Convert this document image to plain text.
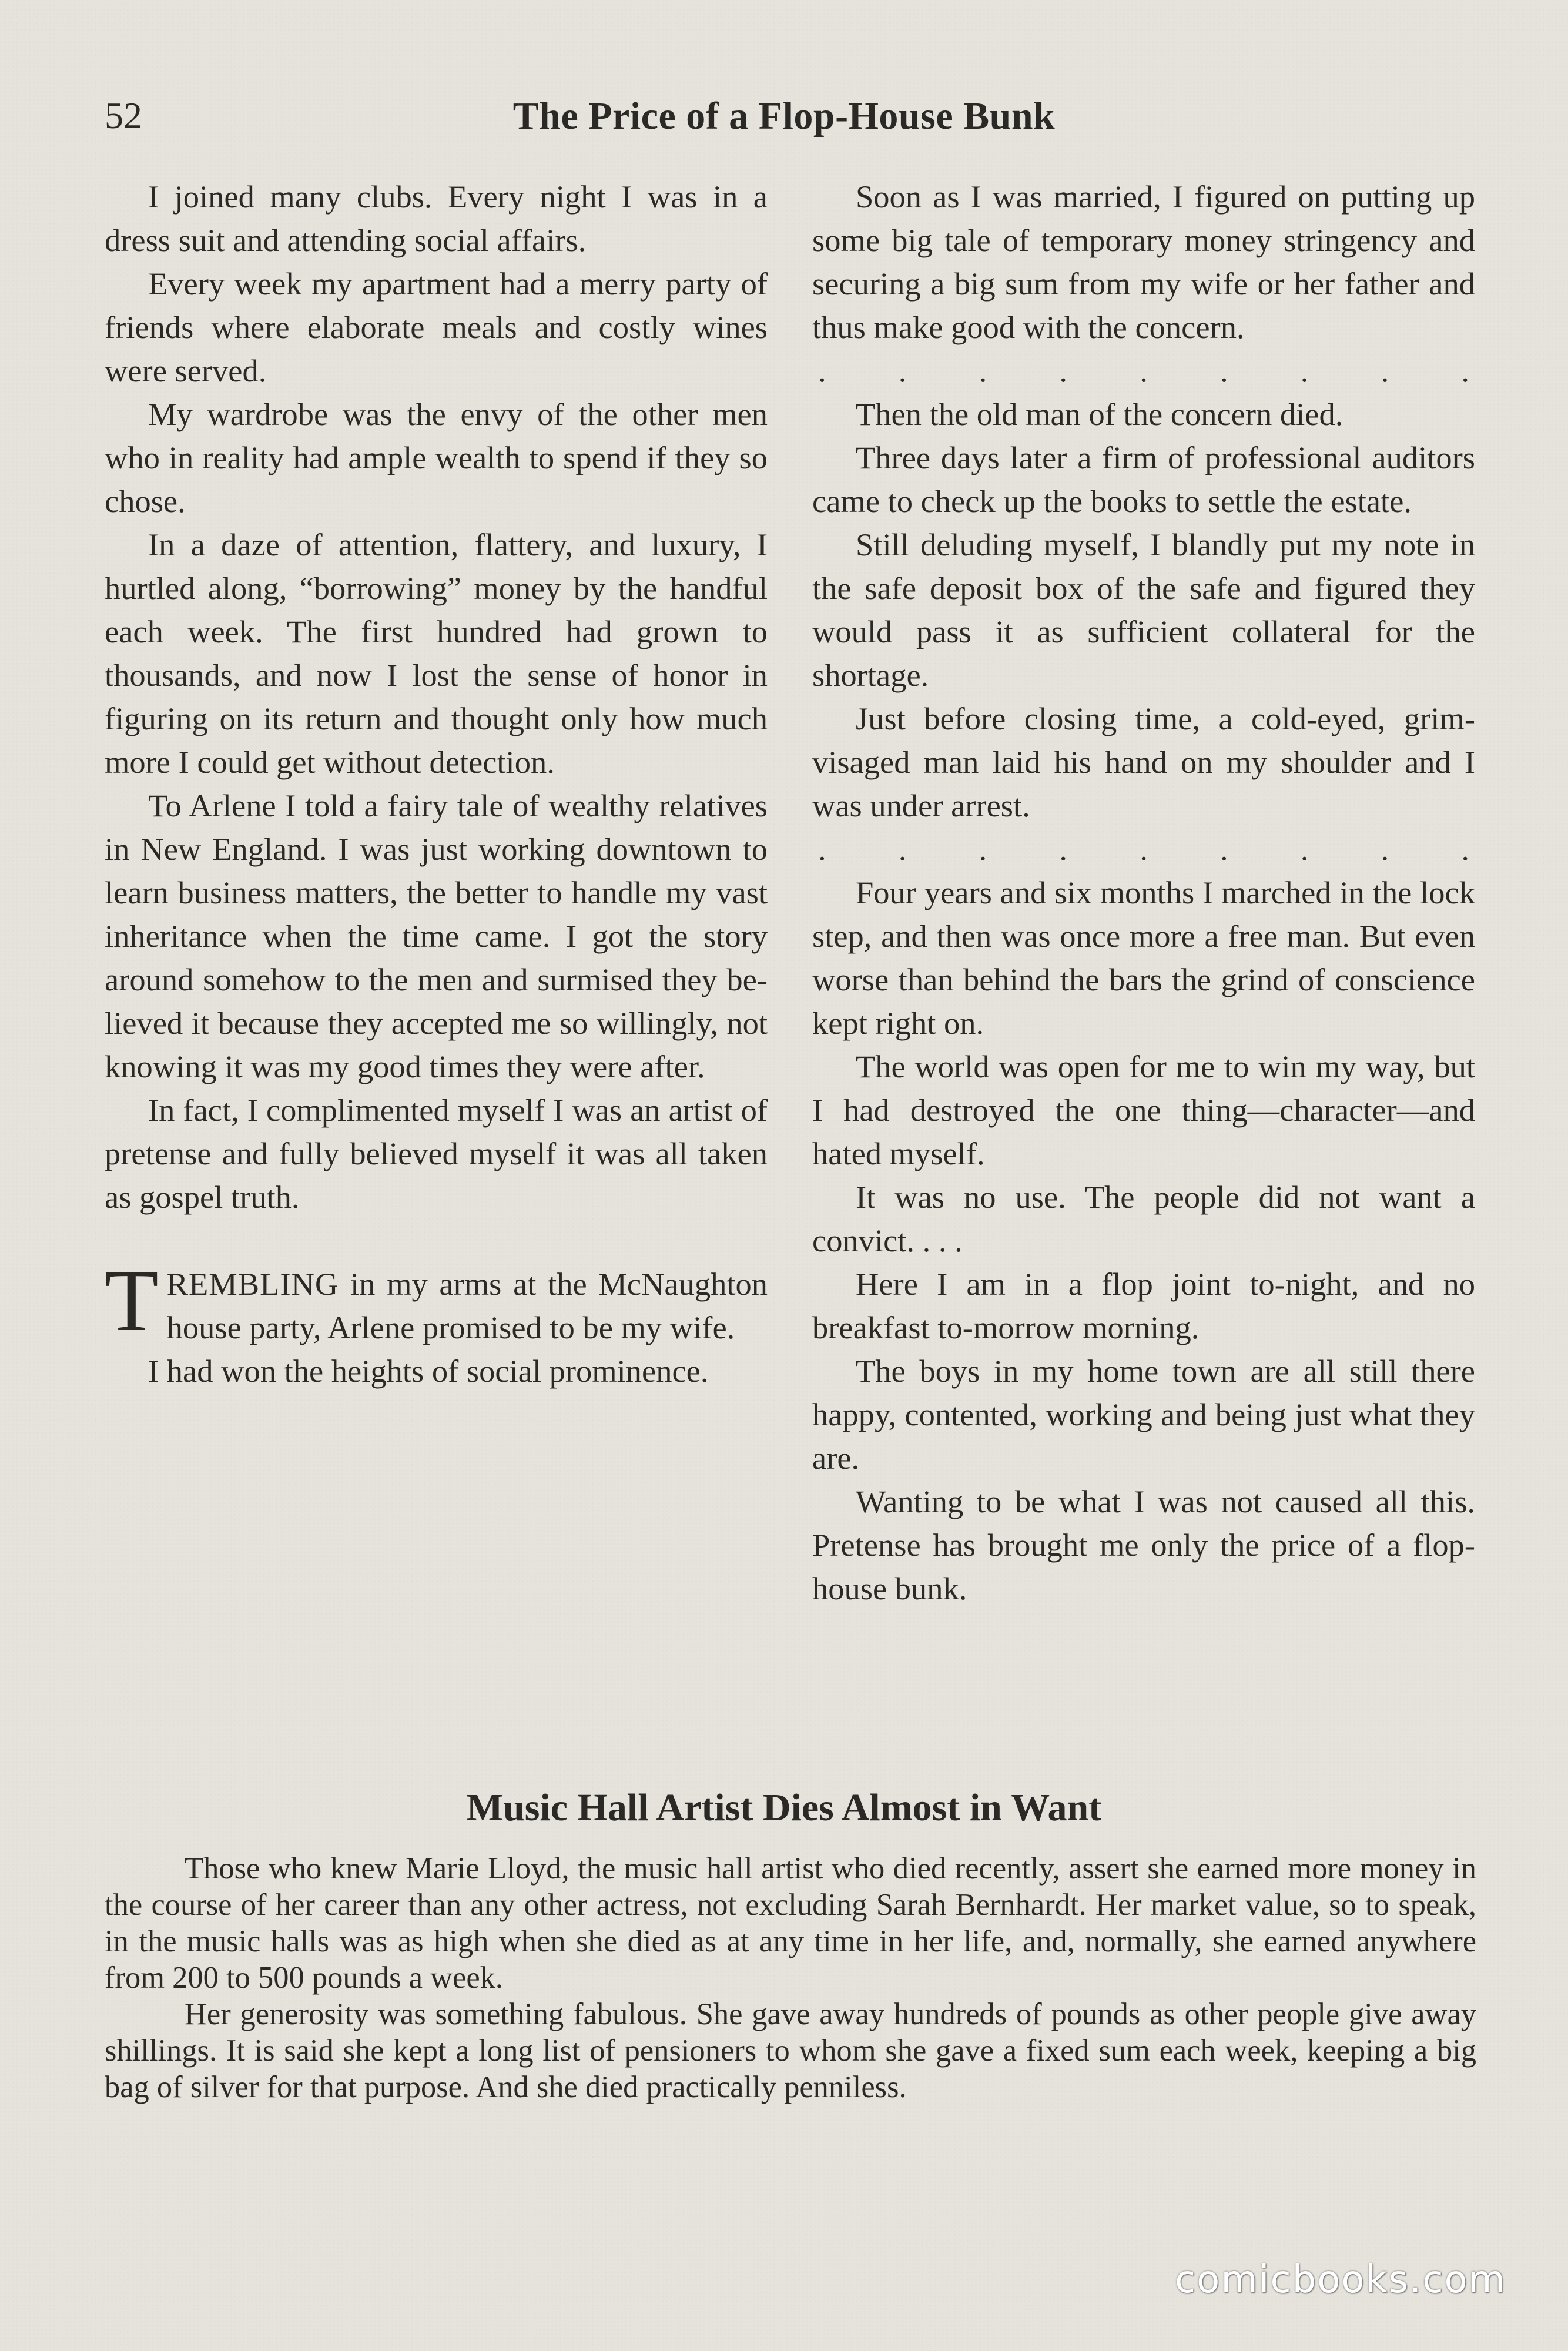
52	The Price of a Flop-House Bunk

I joined many clubs. Every night I was in a dress suit and attending social affairs.

Every week my apartment had a merry party of friends where elaborate meals and costly wines were served.

My wardrobe was the envy of the other men who in reality had ample wealth to spend if they so chose.

In a daze of attention, flattery, and luxury, I hurtled along, “borrowing” money by the handful each week. The first hundred had grown to thousands, and now I lost the sense of honor in figuring on its return and thought only how much more I could get without detection.

To Arlene I told a fairy tale of wealthy relatives in New England. I was just working downtown to learn business matters, the better to handle my vast inheritance when the time came. I got the story around somehow to the men and surmised they believed it because they accepted me so willingly, not knowing it was my good times they were after.

In fact, I complimented myself I was an artist of pretense and fully believed myself it was all taken as gospel truth.

TREMBLING in my arms at the McNaughton house party, Arlene promised to be my wife.

I had won the heights of social prominence.

Soon as I was married, I figured on putting up some big tale of temporary money stringency and securing a big sum from my wife or her father and thus make good with the concern.

. . . . . . . . .

Then the old man of the concern died.

Three days later a firm of professional auditors came to check up the books to settle the estate.

Still deluding myself, I blandly put my note in the safe deposit box of the safe and figured they would pass it as sufficient collateral for the shortage.

Just before closing time, a cold-eyed, grim-visaged man laid his hand on my shoulder and I was under arrest.

. . . . . . . . .

Four years and six months I marched in the lock step, and then was once more a free man. But even worse than behind the bars the grind of conscience kept right on.

The world was open for me to win my way, but I had destroyed the one thing—character—and hated myself.

It was no use. The people did not want a convict. . . .

Here I am in a flop joint to-night, and no breakfast to-morrow morning.

The boys in my home town are all still there happy, contented, working and being just what they are.

Wanting to be what I was not caused all this. Pretense has brought me only the price of a flop-house bunk.

Music Hall Artist Dies Almost in Want

Those who knew Marie Lloyd, the music hall artist who died recently, assert she earned more money in the course of her career than any other actress, not excluding Sarah Bernhardt. Her market value, so to speak, in the music halls was as high when she died as at any time in her life, and, normally, she earned anywhere from 200 to 500 pounds a week.

Her generosity was something fabulous. She gave away hundreds of pounds as other people give away shillings. It is said she kept a long list of pensioners to whom she gave a fixed sum each week, keeping a big bag of silver for that purpose. And she died practically penniless.

comicbooks.com
